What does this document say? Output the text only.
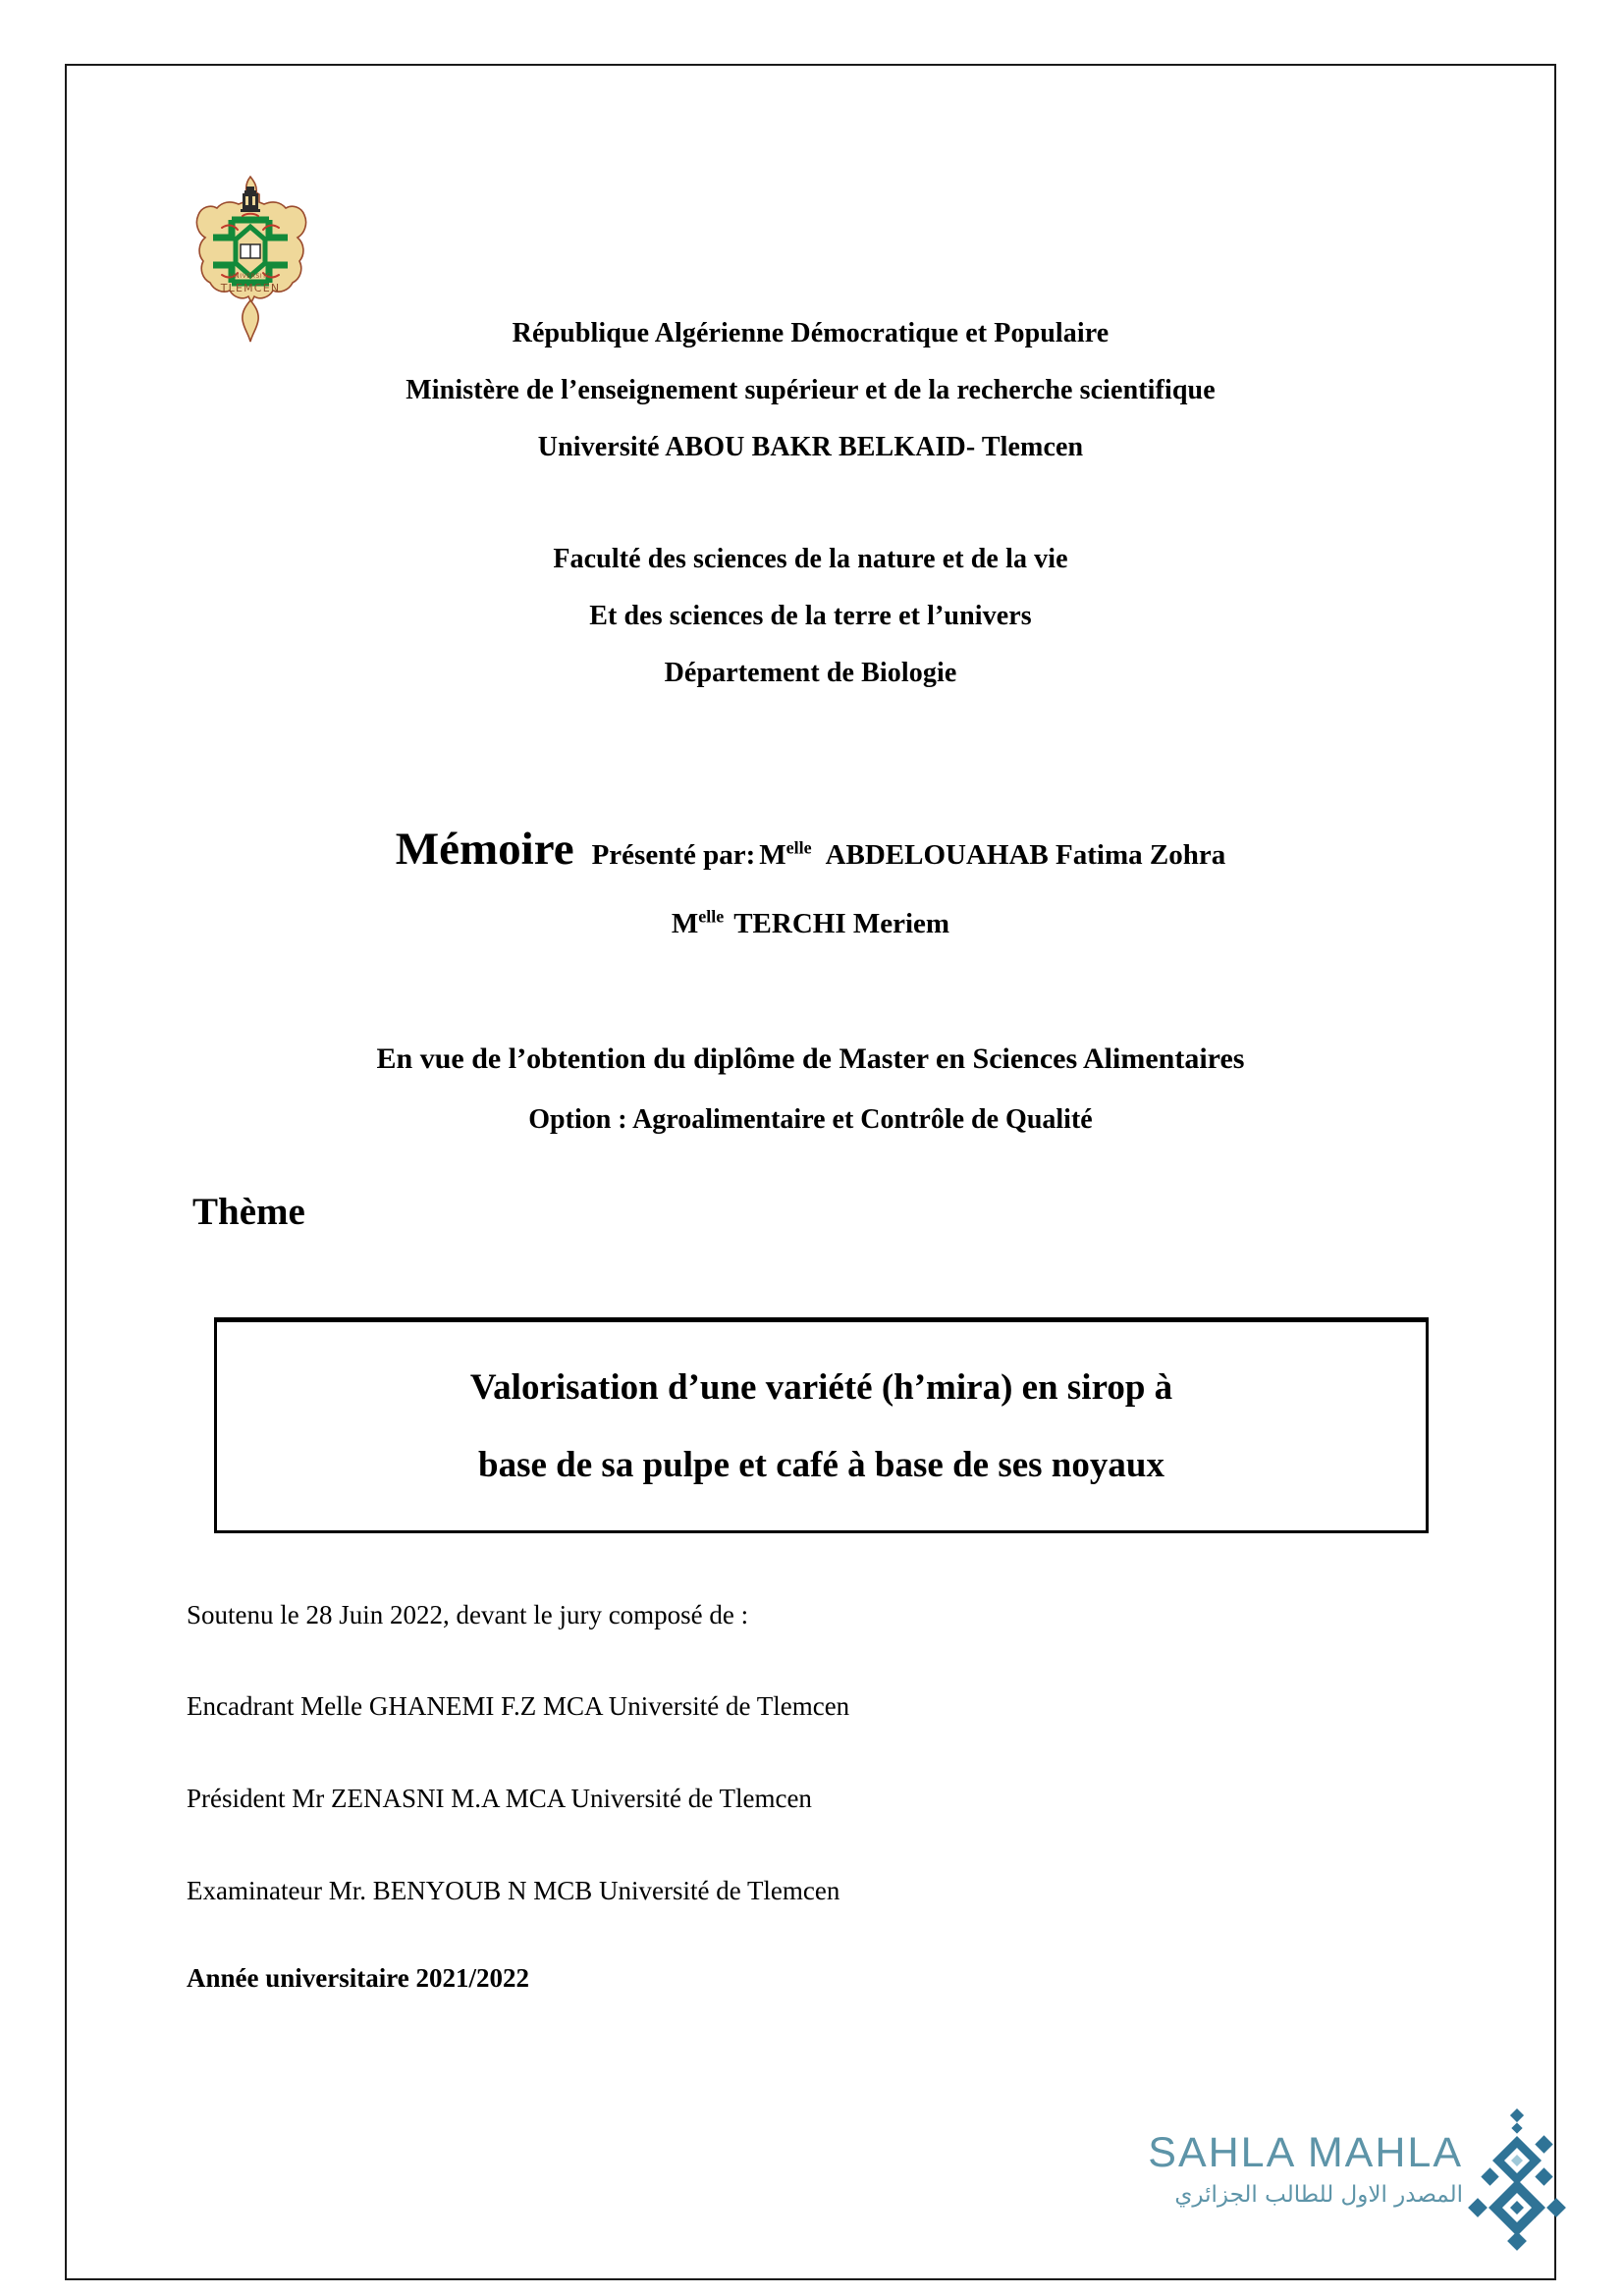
UNIVERSITE
TLEMCEN
République Algérienne Démocratique et Populaire
Ministère de l’enseignement supérieur et de la recherche scientifique
Université ABOU BAKR BELKAID- Tlemcen
Faculté des sciences de la nature et de la vie
Et des sciences de la terre et l’univers
Département de Biologie
Mémoire Présenté par: $M^{elle}$ ABDELOUAHAB Fatima Zohra
$M^{elle}$ TERCHI Meriem
En vue de l’obtention du diplôme de Master en Sciences Alimentaires
Option : Agroalimentaire et Contrôle de Qualité
Thème
Valorisation d’une variété (h’mira) en sirop à
base de sa pulpe et café à base de ses noyaux
Soutenu le 28 Juin 2022, devant le jury composé de :
Encadrant Melle GHANEMI F.Z MCA Université de Tlemcen
Président Mr ZENASNI M.A MCA Université de Tlemcen
Examinateur Mr. BENYOUB N MCB Université de Tlemcen
Année universitaire 2021/2022
SAHLA MAHLA
المصدر الاول للطالب الجزائري
